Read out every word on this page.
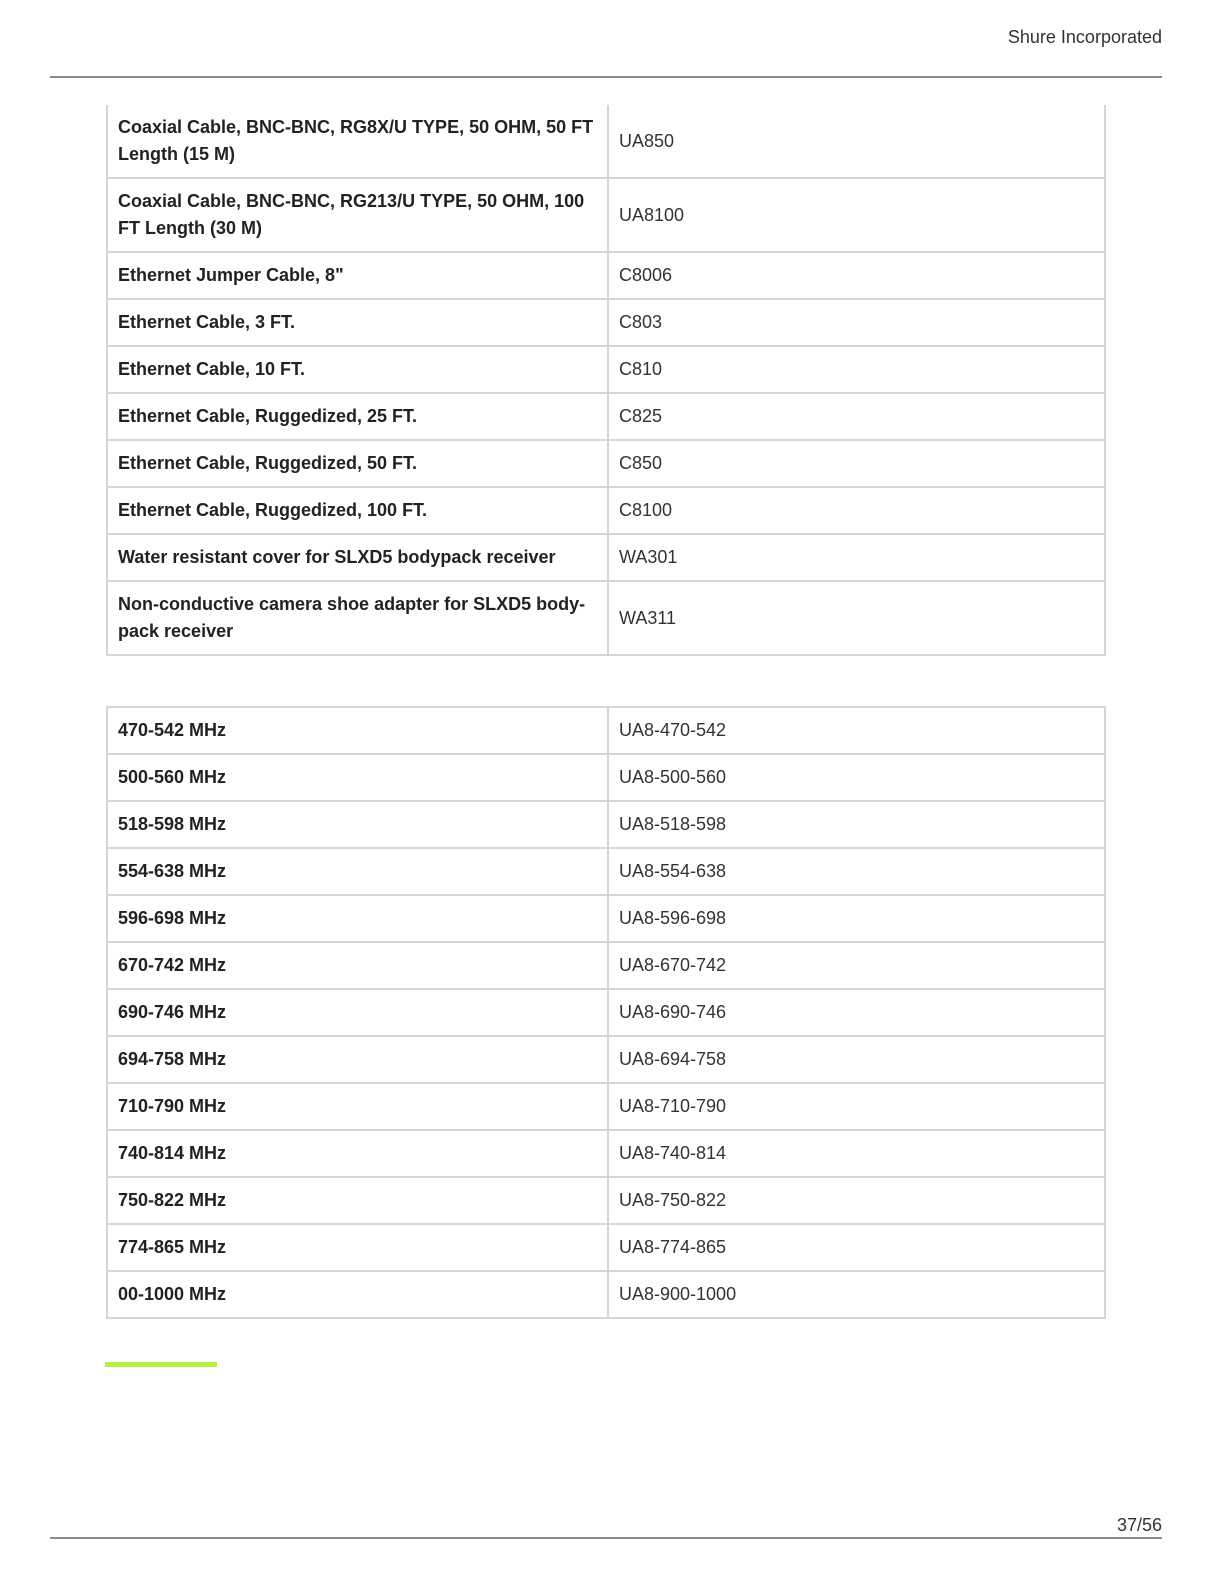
Shure Incorporated
Coaxial Cable, BNC-BNC, RG8X/U TYPE, 50 OHM, 50 FT Length (15 M)	UA850
Coaxial Cable, BNC-BNC, RG213/U TYPE, 50 OHM, 100 FT Length (30 M)	UA8100
Ethernet Jumper Cable, 8"	C8006
Ethernet Cable, 3 FT.	C803
Ethernet Cable, 10 FT.	C810
Ethernet Cable, Ruggedized, 25 FT.	C825
Ethernet Cable, Ruggedized, 50 FT.	C850
Ethernet Cable, Ruggedized, 100 FT.	C8100
Water resistant cover for SLXD5 bodypack receiver	WA301
Non-conductive camera shoe adapter for SLXD5 body-pack receiver	WA311
470-542 MHz	UA8-470-542
500-560 MHz	UA8-500-560
518-598 MHz	UA8-518-598
554-638 MHz	UA8-554-638
596-698 MHz	UA8-596-698
670-742 MHz	UA8-670-742
690-746 MHz	UA8-690-746
694-758 MHz	UA8-694-758
710-790 MHz	UA8-710-790
740-814 MHz	UA8-740-814
750-822 MHz	UA8-750-822
774-865 MHz	UA8-774-865
00-1000 MHz	UA8-900-1000
37/56
